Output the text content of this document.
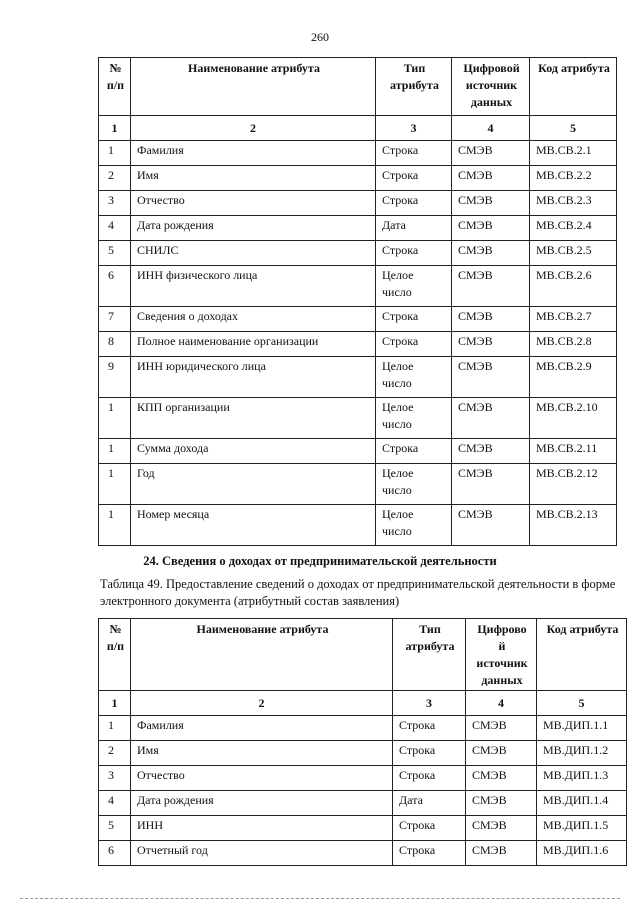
260
№
п/п	Наименование атрибута	Тип
атрибута	Цифровой
источник
данных	Код атрибута
1	2	3	4	5
1	Фамилия	Строка	СМЭВ	МВ.СВ.2.1
2	Имя	Строка	СМЭВ	МВ.СВ.2.2
3	Отчество	Строка	СМЭВ	МВ.СВ.2.3
4	Дата рождения	Дата	СМЭВ	МВ.СВ.2.4
5	СНИЛС	Строка	СМЭВ	МВ.СВ.2.5
6	ИНН физического лица	Целое
число	СМЭВ	МВ.СВ.2.6
7	Сведения о доходах	Строка	СМЭВ	МВ.СВ.2.7
8	Полное наименование организации	Строка	СМЭВ	МВ.СВ.2.8
9	ИНН юридического лица	Целое
число	СМЭВ	МВ.СВ.2.9
1	КПП организации	Целое
число	СМЭВ	МВ.СВ.2.10
1	Сумма дохода	Строка	СМЭВ	МВ.СВ.2.11
1	Год	Целое
число	СМЭВ	МВ.СВ.2.12
1	Номер месяца	Целое
число	СМЭВ	МВ.СВ.2.13
24. Сведения о доходах от предпринимательской деятельности
Таблица 49. Предоставление сведений о доходах от предпринимательской деятельности в форме электронного документа (атрибутный состав заявления)
№
п/п	Наименование атрибута	Тип
атрибута	Цифрово
й
источник
данных	Код атрибута
1	2	3	4	5
1	Фамилия	Строка	СМЭВ	МВ.ДИП.1.1
2	Имя	Строка	СМЭВ	МВ.ДИП.1.2
3	Отчество	Строка	СМЭВ	МВ.ДИП.1.3
4	Дата рождения	Дата	СМЭВ	МВ.ДИП.1.4
5	ИНН	Строка	СМЭВ	МВ.ДИП.1.5
6	Отчетный год	Строка	СМЭВ	МВ.ДИП.1.6
